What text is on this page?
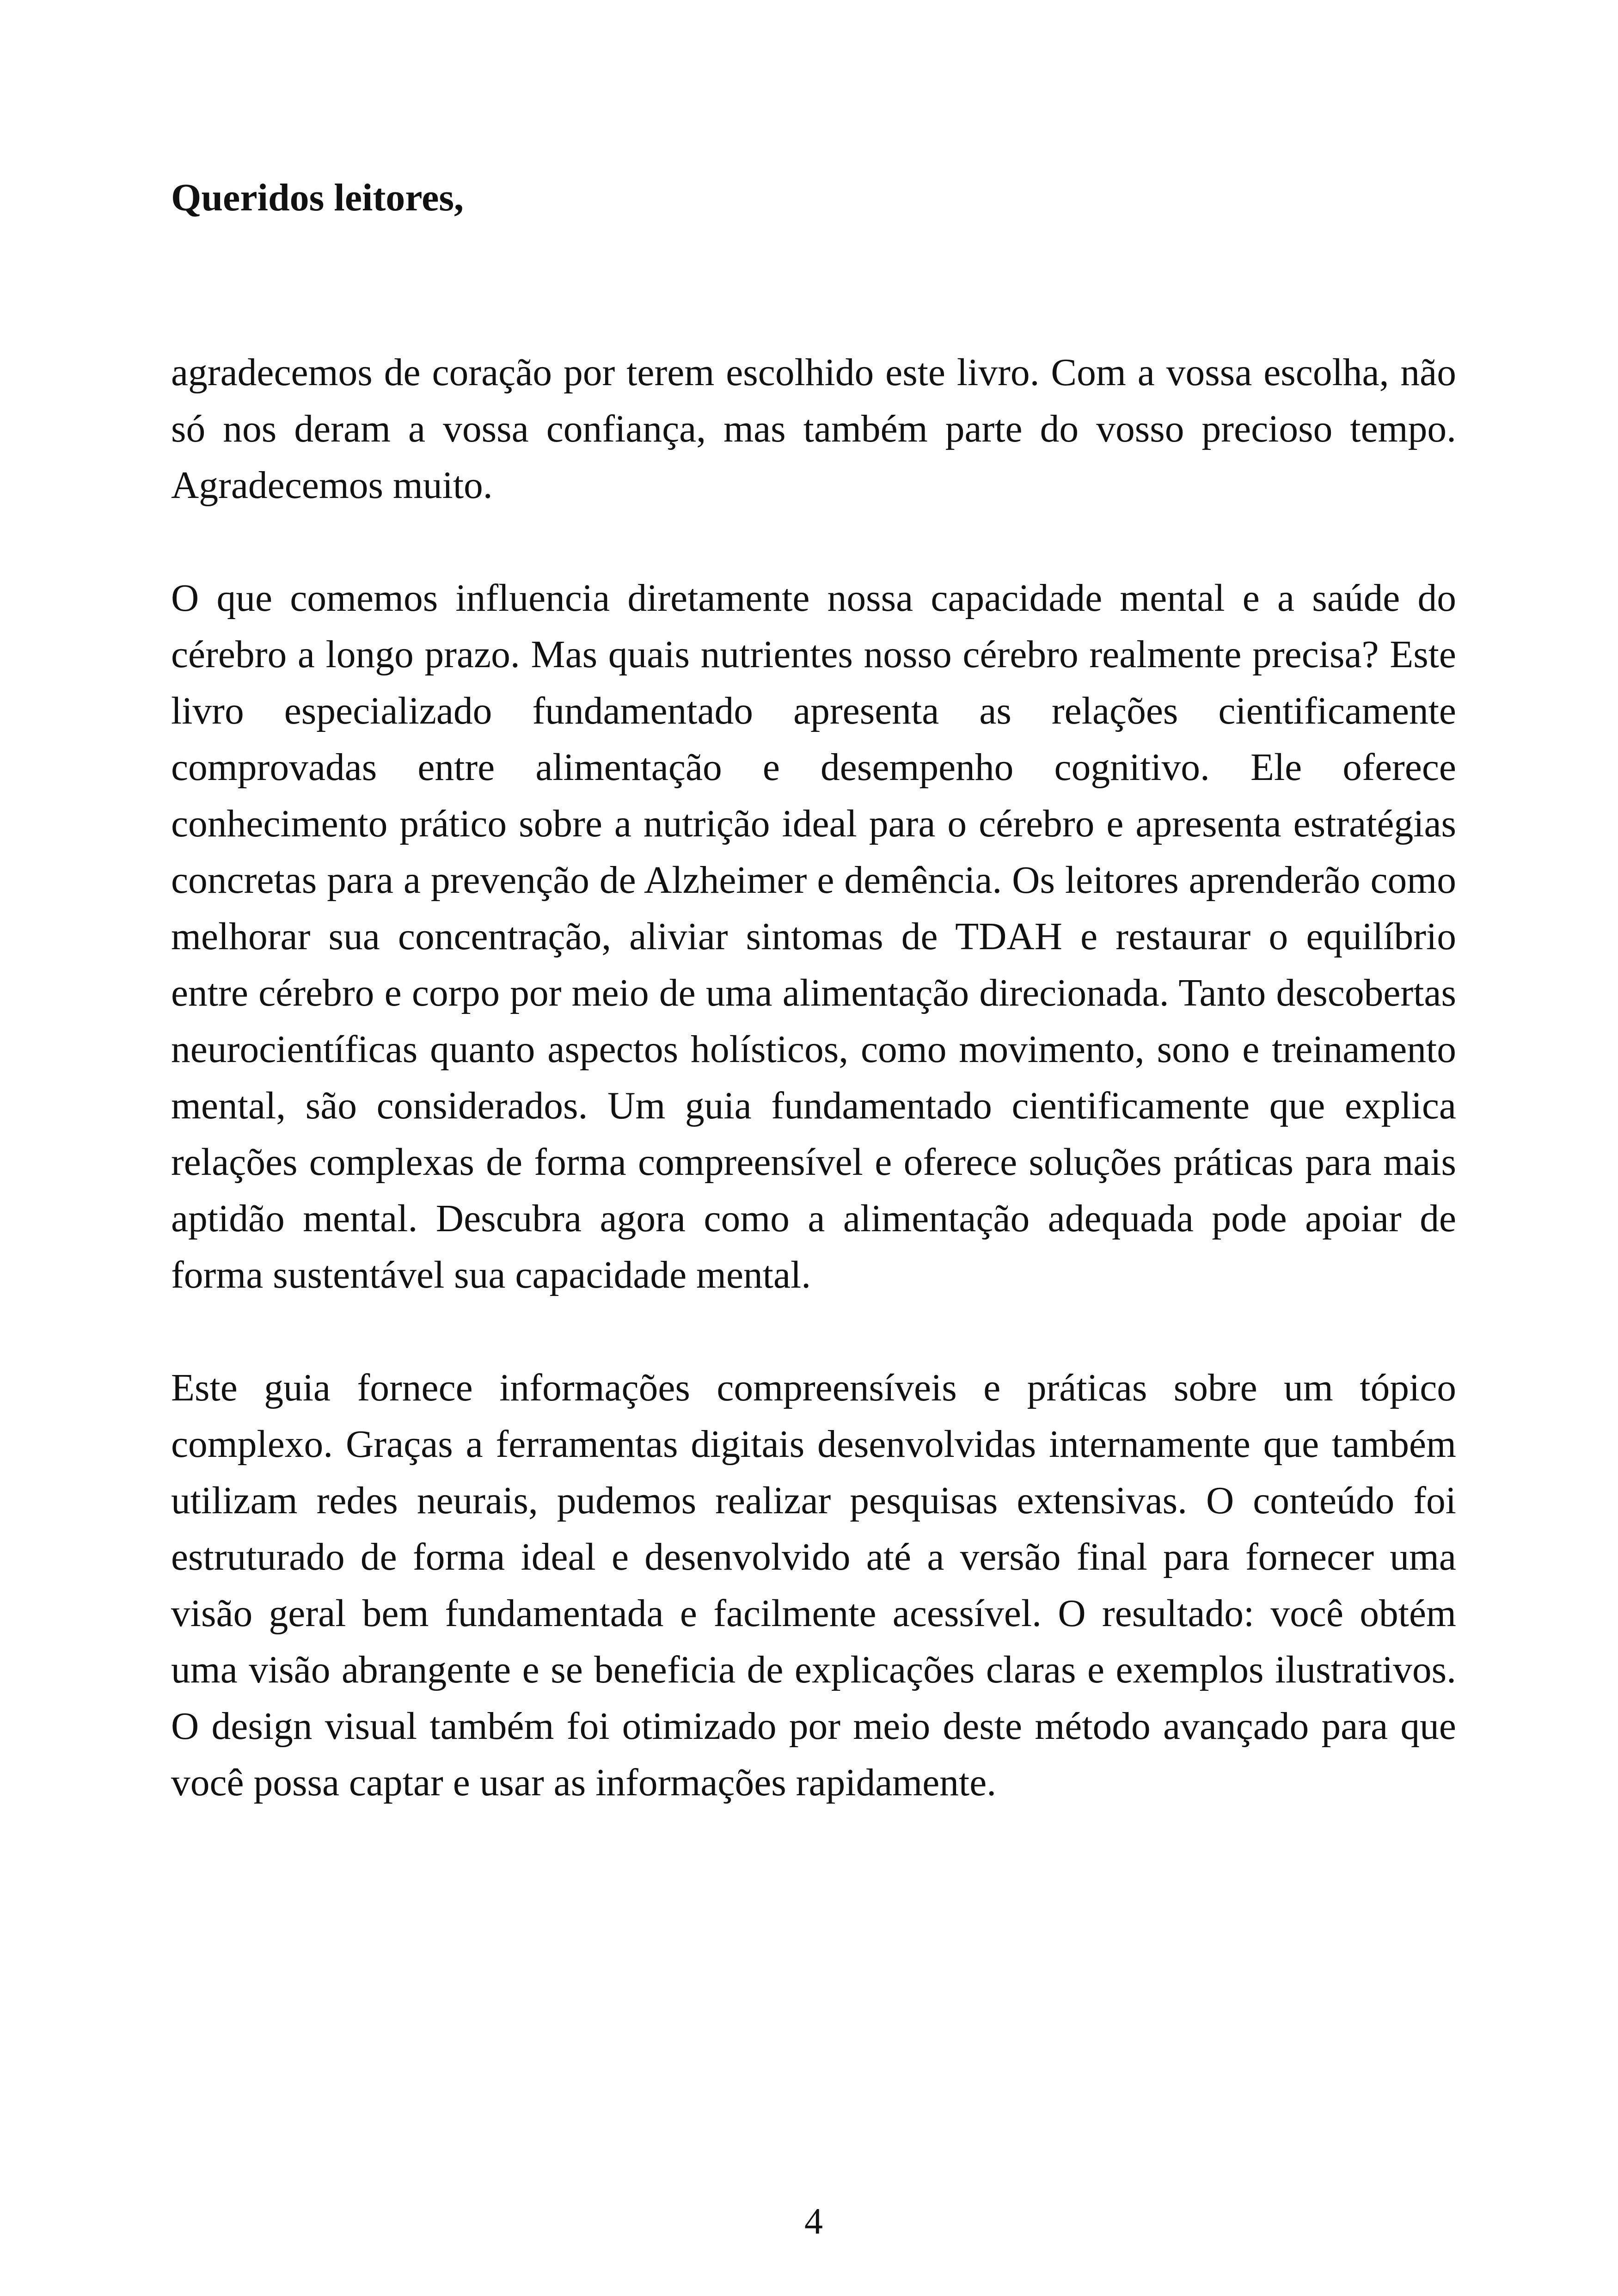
Queridos leitores,

agradecemos de coração por terem escolhido este livro. Com a vossa escolha, não só nos deram a vossa confiança, mas também parte do vosso precioso tempo. Agradecemos muito.

O que comemos influencia diretamente nossa capacidade mental e a saúde do cérebro a longo prazo. Mas quais nutrientes nosso cérebro realmente precisa? Este livro especializado fundamentado apresenta as relações cientificamente comprovadas entre alimentação e desempenho cognitivo. Ele oferece conhecimento prático sobre a nutrição ideal para o cérebro e apresenta estratégias concretas para a prevenção de Alzheimer e demência. Os leitores aprenderão como melhorar sua concentração, aliviar sintomas de TDAH e restaurar o equilíbrio entre cérebro e corpo por meio de uma alimentação direcionada. Tanto descobertas neurocientíficas quanto aspectos holísticos, como movimento, sono e treinamento mental, são considerados. Um guia fundamentado cientificamente que explica relações complexas de forma compreensível e oferece soluções práticas para mais aptidão mental. Descubra agora como a alimentação adequada pode apoiar de forma sustentável sua capacidade mental.

Este guia fornece informações compreensíveis e práticas sobre um tópico complexo. Graças a ferramentas digitais desenvolvidas internamente que também utilizam redes neurais, pudemos realizar pesquisas extensivas. O conteúdo foi estruturado de forma ideal e desenvolvido até a versão final para fornecer uma visão geral bem fundamentada e facilmente acessível. O resultado: você obtém uma visão abrangente e se beneficia de explicações claras e exemplos ilustrativos. O design visual também foi otimizado por meio deste método avançado para que você possa captar e usar as informações rapidamente.

4
